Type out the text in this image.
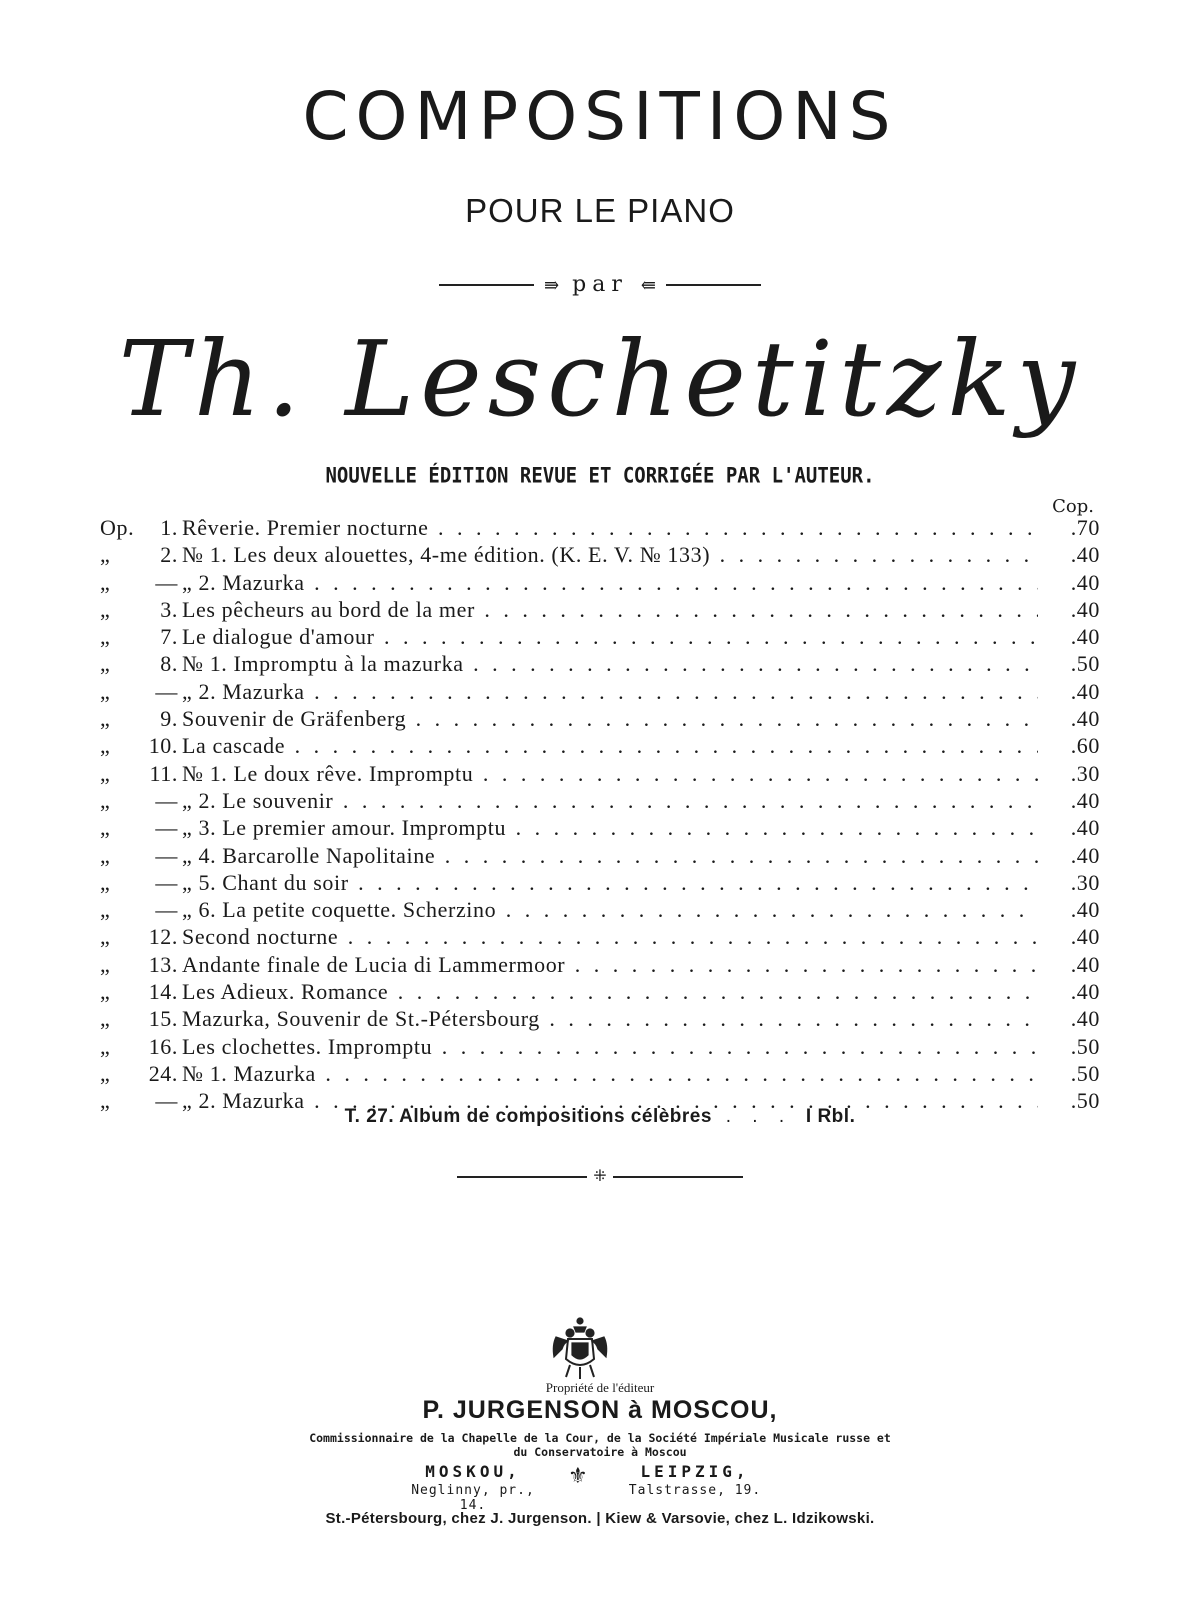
COMPOSITIONS
POUR LE PIANO
⇛ par ⇚
Th. Leschetitzky
NOUVELLE ÉDITION REVUE ET CORRIGÉE PAR L'AUTEUR.
Cop.
Op.	1. Rêverie. Premier nocturne . . .	.70
„	2. № 1. Les deux alouettes, 4-me édition. (K. E. V. № 133) . . .	.40
„	— „ 2. Mazurka . . .	.40
„	3. Les pêcheurs au bord de la mer . . .	.40
„	7. Le dialogue d'amour . . .	.40
„	8. № 1. Impromptu à la mazurka . . .	.50
„	— „ 2. Mazurka . . .	.40
„	9. Souvenir de Gräfenberg . . .	.40
„	10. La cascade . . .	.60
„	11. № 1. Le doux rêve. Impromptu . . .	.30
„	— „ 2. Le souvenir . . .	.40
„	— „ 3. Le premier amour. Impromptu . . .	.40
„	— „ 4. Barcarolle Napolitaine . . .	.40
„	— „ 5. Chant du soir . . .	.30
„	— „ 6. La petite coquette. Scherzino . . .	.40
„	12. Second nocturne . . .	.40
„	13. Andante finale de Lucia di Lammermoor . . .	.40
„	14. Les Adieux. Romance . . .	.40
„	15. Mazurka, Souvenir de St.-Pétersbourg . . .	.40
„	16. Les clochettes. Impromptu . . .	.50
„	24. № 1. Mazurka . . .	.50
„	— „ 2. Mazurka . . .	.50
T. 27. Album de compositions célèbres . . . I Rbl.
⁜
Propriété de l'éditeur
P. JURGENSON à MOSCOU,
Commissionnaire de la Chapelle de la Cour, de la Société Impériale Musicale russe et
du Conservatoire à Moscou
MOSKOU,
Neglinny, pr., 14.
⚜	LEIPZIG,
Talstrasse, 19.
St.-Pétersbourg, chez J. Jurgenson. | Kiew & Varsovie, chez L. Idzikowski.
